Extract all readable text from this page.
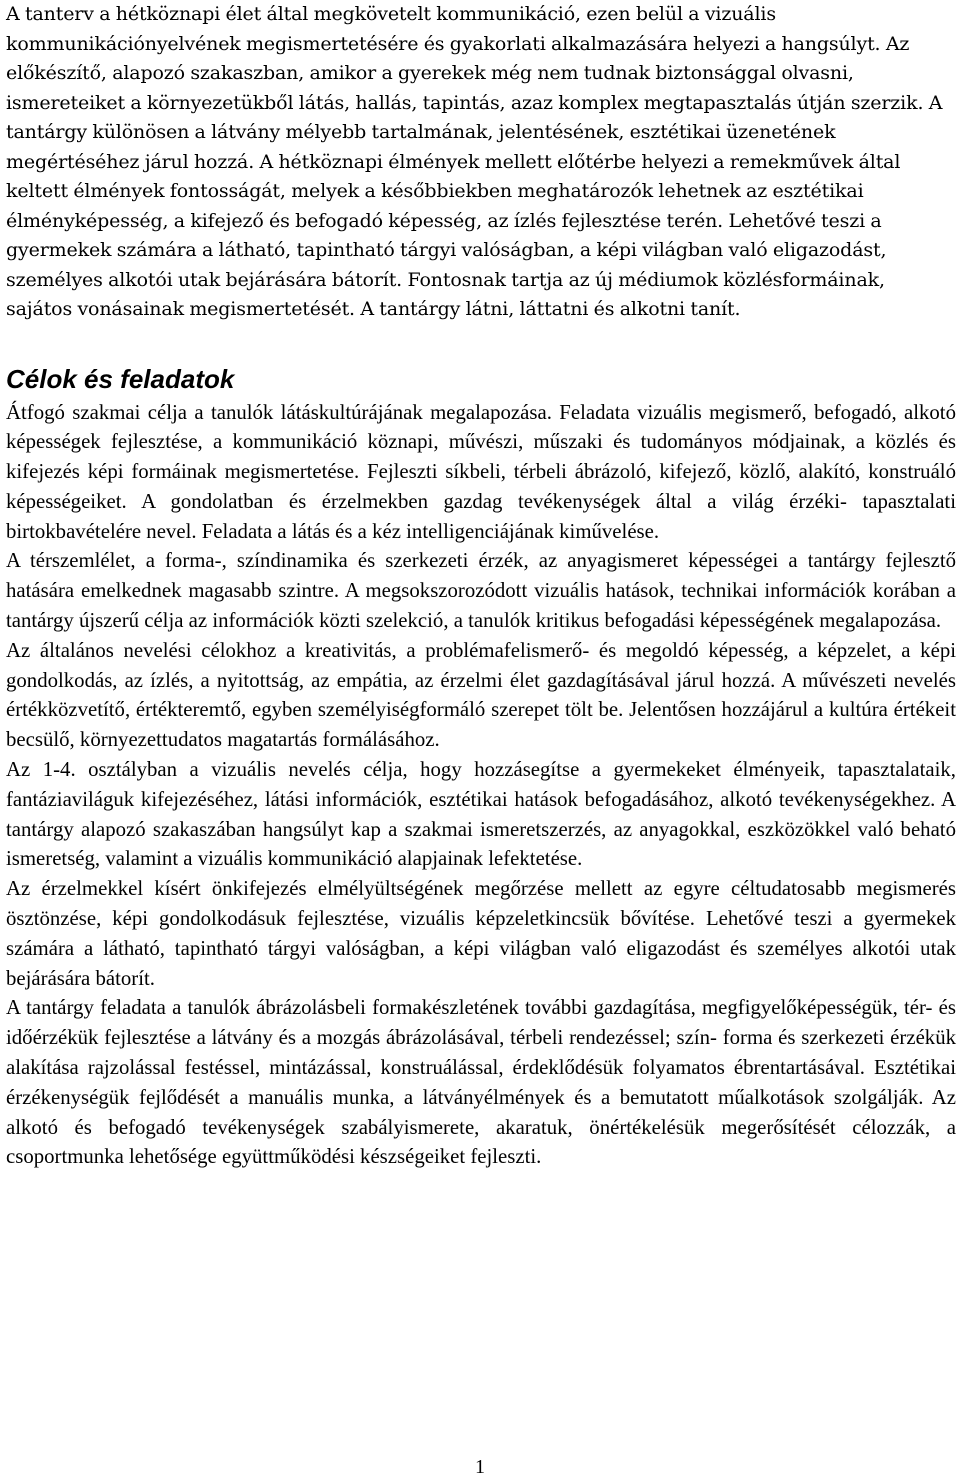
A tanterv a hétköznapi élet által megkövetelt kommunikáció, ezen belül a vizuális kommunikációnyelvének megismertetésére és gyakorlati alkalmazására helyezi a hangsúlyt. Az előkészítő, alapozó szakaszban, amikor a gyerekek még nem tudnak biztonsággal olvasni, ismereteiket a környezetükből látás, hallás, tapintás, azaz komplex megtapasztalás útján szerzik. A tantárgy különösen a látvány mélyebb tartalmának, jelentésének, esztétikai üzenetének megértéséhez járul hozzá. A hétköznapi élmények mellett előtérbe helyezi a remekművek által keltett élmények fontosságát, melyek a későbbiekben meghatározók lehetnek az esztétikai élményképesség, a kifejező és befogadó képesség, az ízlés fejlesztése terén. Lehetővé teszi a gyermekek számára a látható, tapintható tárgyi valóságban, a képi világban való eligazodást, személyes alkotói utak bejárására bátorít. Fontosnak tartja az új médiumok közlésformáinak, sajátos vonásainak megismertetését. A tantárgy látni, láttatni és alkotni tanít.

Célok és feladatok

Átfogó szakmai célja a tanulók látáskultúrájának megalapozása. Feladata vizuális megismerő, befogadó, alkotó képességek fejlesztése, a kommunikáció köznapi, művészi, műszaki és tudományos módjainak, a közlés és kifejezés képi formáinak megismertetése. Fejleszti síkbeli, térbeli ábrázoló, kifejező, közlő, alakító, konstruáló képességeiket. A gondolatban és érzelmekben gazdag tevékenységek által a világ érzéki- tapasztalati birtokbavételére nevel. Feladata a látás és a kéz intelligenciájának kiművelése.

A térszemlélet, a forma-, színdinamika és szerkezeti érzék, az anyagismeret képességei a tantárgy fejlesztő hatására emelkednek magasabb szintre. A megsokszorozódott vizuális hatások, technikai információk korában a tantárgy újszerű célja az információk közti szelekció, a tanulók kritikus befogadási képességének megalapozása.

Az általános nevelési célokhoz a kreativitás, a problémafelismerő- és megoldó képesség, a képzelet, a képi gondolkodás, az ízlés, a nyitottság, az empátia, az érzelmi élet gazdagításával járul hozzá. A művészeti nevelés értékközvetítő, értékteremtő, egyben személyiségformáló szerepet tölt be. Jelentősen hozzájárul a kultúra értékeit becsülő, környezettudatos magatartás formálásához.

Az 1-4. osztályban a vizuális nevelés célja, hogy hozzásegítse a gyermekeket élményeik, tapasztalataik, fantáziaviláguk kifejezéséhez, látási információk, esztétikai hatások befogadásához, alkotó tevékenységekhez. A tantárgy alapozó szakaszában hangsúlyt kap a szakmai ismeretszerzés, az anyagokkal, eszközökkel való beható ismeretség, valamint a vizuális kommunikáció alapjainak lefektetése.

Az érzelmekkel kísért önkifejezés elmélyültségének megőrzése mellett az egyre céltudatosabb megismerés ösztönzése, képi gondolkodásuk fejlesztése, vizuális képzeletkincsük bővítése. Lehetővé teszi a gyermekek számára a látható, tapintható tárgyi valóságban, a képi világban való eligazodást és személyes alkotói utak bejárására bátorít.

A tantárgy feladata a tanulók ábrázolásbeli formakészletének további gazdagítása, megfigyelőképességük, tér- és időérzékük fejlesztése a látvány és a mozgás ábrázolásával, térbeli rendezéssel; szín- forma és szerkezeti érzékük alakítása rajzolással festéssel, mintázással, konstruálással, érdeklődésük folyamatos ébrentartásával. Esztétikai érzékenységük fejlődését a manuális munka, a látványélmények és a bemutatott műalkotások szolgálják. Az alkotó és befogadó tevékenységek szabályismerete, akaratuk, önértékelésük megerősítését célozzák, a csoportmunka lehetősége együttműködési készségeiket fejleszti.

1
